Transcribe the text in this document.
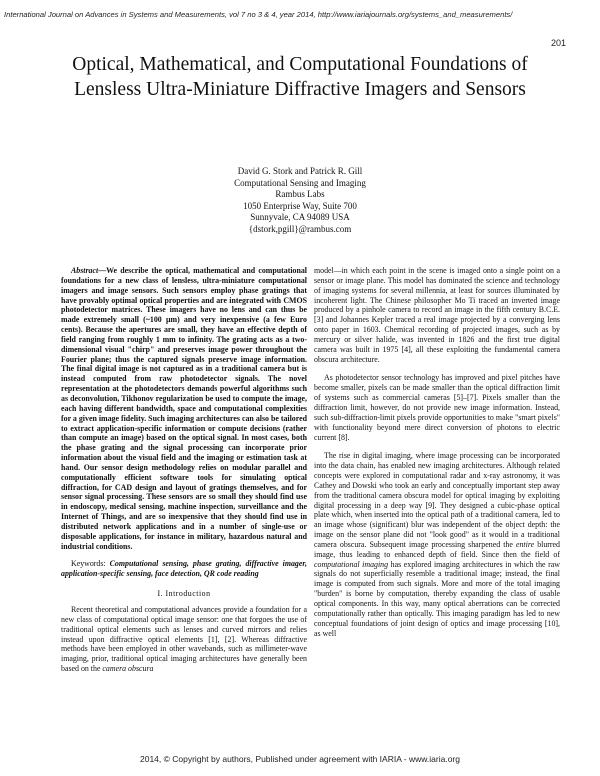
International Journal on Advances in Systems and Measurements, vol 7 no 3 & 4, year 2014, http://www.iariajournals.org/systems_and_measurements/
201
Optical, Mathematical, and Computational Foundations of Lensless Ultra-Miniature Diffractive Imagers and Sensors
David G. Stork and Patrick R. Gill
Computational Sensing and Imaging
Rambus Labs
1050 Enterprise Way, Suite 700
Sunnyvale, CA 94089 USA
{dstork,pgill}@rambus.com

Abstract—We describe the optical, mathematical and computational foundations for a new class of lensless, ultra-miniature computational imagers and image sensors. Such sensors employ phase gratings that have provably optimal optical properties and are integrated with CMOS photodetector matrices. These imagers have no lens and can thus be made extremely small (~100 µm) and very inexpensive (a few Euro cents). Because the apertures are small, they have an effective depth of field ranging from roughly 1 mm to infinity. The grating acts as a two-dimensional visual "chirp" and preserves image power throughout the Fourier plane; thus the captured signals preserve image information. The final digital image is not captured as in a traditional camera but is instead computed from raw photodetector signals. The novel representation at the photodetectors demands powerful algorithms such as deconvolution, Tikhonov regularization be used to compute the image, each having different bandwidth, space and computational complexities for a given image fidelity. Such imaging architectures can also be tailored to extract application-specific information or compute decisions (rather than compute an image) based on the optical signal. In most cases, both the phase grating and the signal processing can incorporate prior information about the visual field and the imaging or estimation task at hand. Our sensor design methodology relies on modular parallel and computationally efficient software tools for simulating optical diffraction, for CAD design and layout of gratings themselves, and for sensor signal processing. These sensors are so small they should find use in endoscopy, medical sensing, machine inspection, surveillance and the Internet of Things, and are so inexpensive that they should find use in distributed network applications and in a number of single-use or disposable applications, for instance in military, hazardous natural and industrial conditions.

Keywords: Computational sensing, phase grating, diffractive imager, application-specific sensing, face detection, QR code reading

I. Introduction

Recent theoretical and computational advances provide a foundation for a new class of computational optical image sensor: one that forgoes the use of traditional optical elements such as lenses and curved mirrors and relies instead upon diffractive optical elements [1], [2]. Whereas diffractive methods have been employed in other wavebands, such as millimeter-wave imaging, prior, traditional optical imaging architectures have generally been based on the camera obscura

model—in which each point in the scene is imaged onto a single point on a sensor or image plane. This model has dominated the science and technology of imaging systems for several millennia, at least for sources illuminated by incoherent light. The Chinese philosopher Mo Ti traced an inverted image produced by a pinhole camera to record an image in the fifth century B.C.E. [3] and Johannes Kepler traced a real image projected by a converging lens onto paper in 1603. Chemical recording of projected images, such as by mercury or silver halide, was invented in 1826 and the first true digital camera was built in 1975 [4], all these exploiting the fundamental camera obscura architecture.

As photodetector sensor technology has improved and pixel pitches have become smaller, pixels can be made smaller than the optical diffraction limit of systems such as commercial cameras [5]–[7]. Pixels smaller than the diffraction limit, however, do not provide new image information. Instead, such sub-diffraction-limit pixels provide opportunities to make "smart pixels" with functionality beyond mere direct conversion of photons to electric current [8].

The rise in digital imaging, where image processing can be incorporated into the data chain, has enabled new imaging architectures. Although related concepts were explored in computational radar and x-ray astronomy, it was Cathey and Dowski who took an early and conceptually important step away from the traditional camera obscura model for optical imaging by exploiting digital processing in a deep way [9]. They designed a cubic-phase optical plate which, when inserted into the optical path of a traditional camera, led to an image whose (significant) blur was independent of the object depth: the image on the sensor plane did not "look good" as it would in a traditional camera obscura. Subsequent image processing sharpened the entire blurred image, thus leading to enhanced depth of field. Since then the field of computational imaging has explored imaging architectures in which the raw signals do not superficially resemble a traditional image; instead, the final image is computed from such signals. More and more of the total imaging "burden" is borne by computation, thereby expanding the class of usable optical components. In this way, many optical aberrations can be corrected computationally rather than optically. This imaging paradigm has led to new conceptual foundations of joint design of optics and image processing [10], as well

2014, © Copyright by authors, Published under agreement with IARIA - www.iaria.org
